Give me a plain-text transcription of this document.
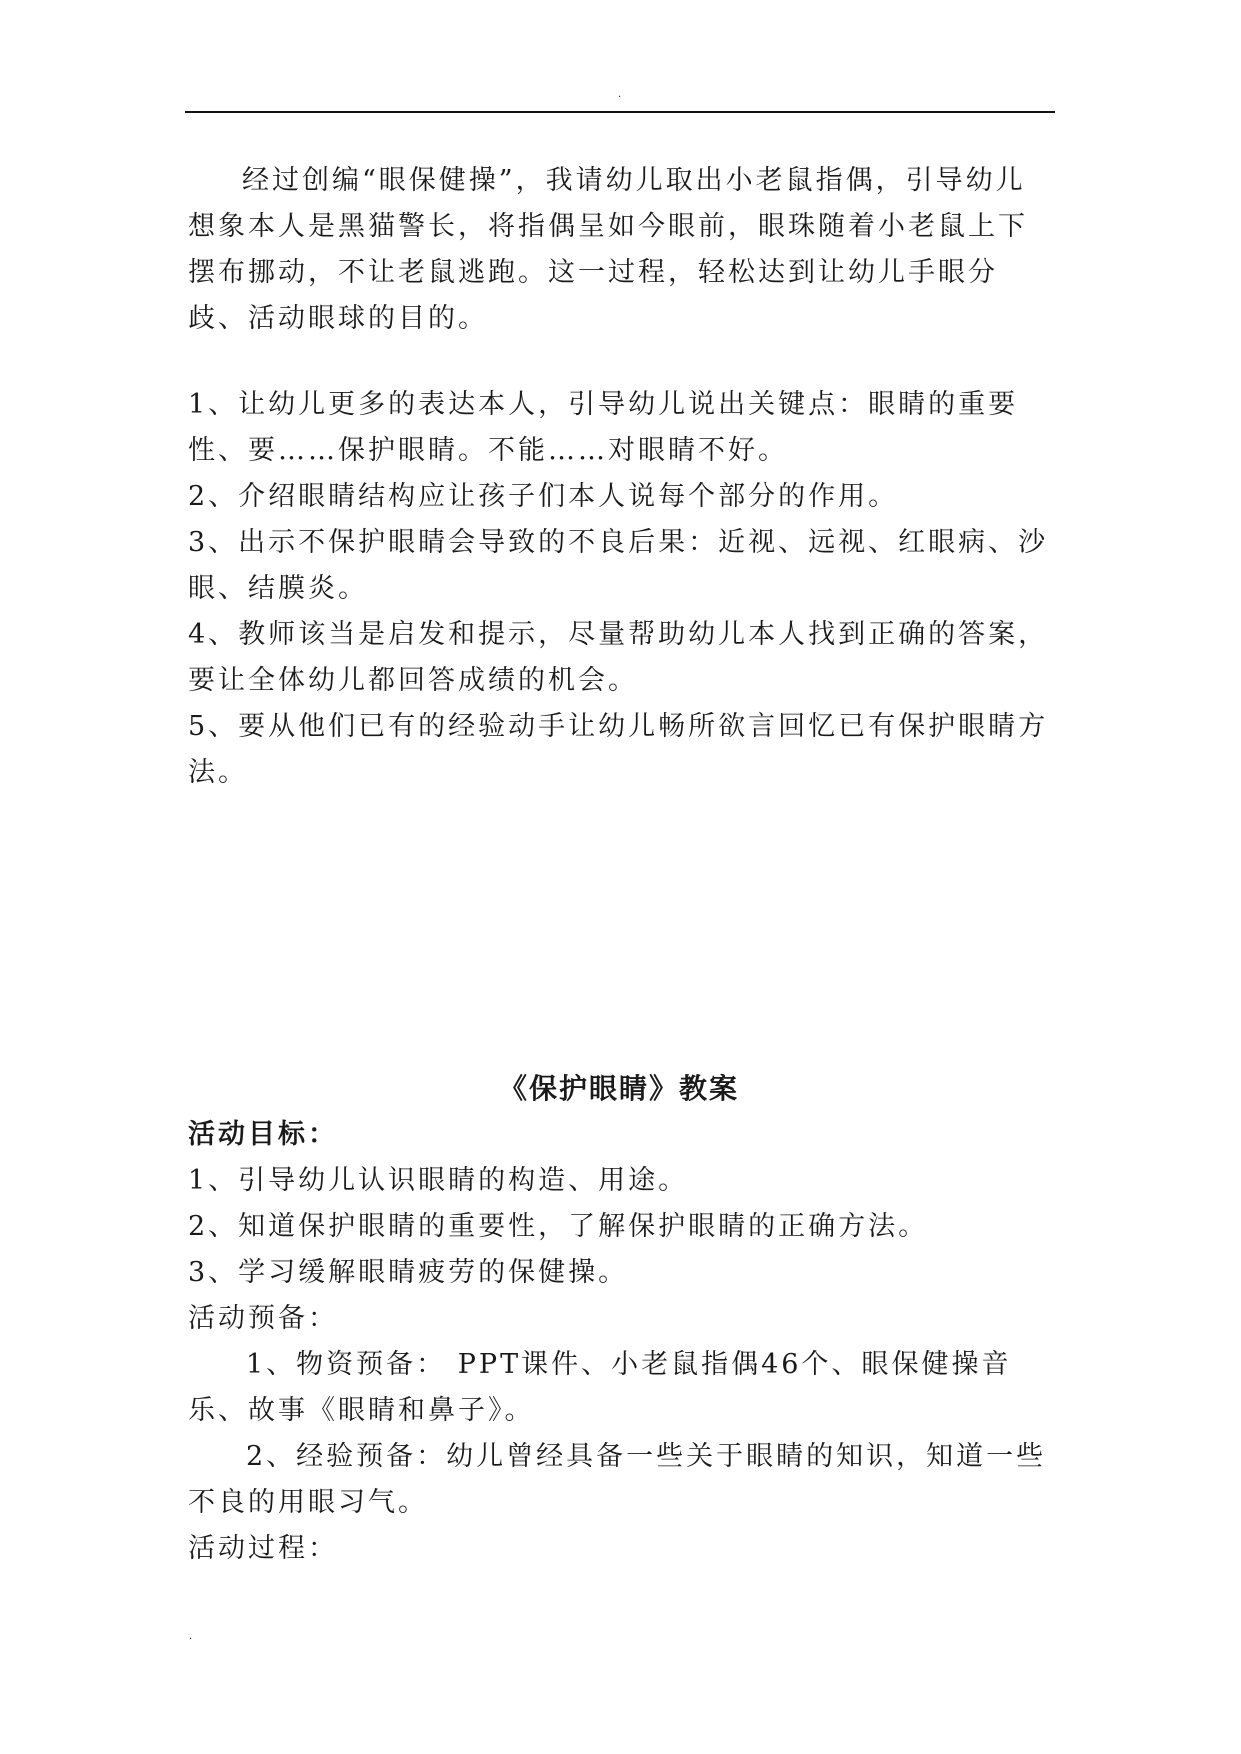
.

经过创编“眼保健操”，我请幼儿取出小老鼠指偶，引导幼儿想象本人是黑猫警长，将指偶呈如今眼前，眼珠随着小老鼠上下摆布挪动，不让老鼠逃跑。这一过程，轻松达到让幼儿手眼分歧、活动眼球的目的。

1、让幼儿更多的表达本人，引导幼儿说出关键点：眼睛的重要性、要……保护眼睛。不能……对眼睛不好。

2、介绍眼睛结构应让孩子们本人说每个部分的作用。

3、出示不保护眼睛会导致的不良后果：近视、远视、红眼病、沙眼、结膜炎。

4、教师该当是启发和提示，尽量帮助幼儿本人找到正确的答案，要让全体幼儿都回答成绩的机会。

5、要从他们已有的经验动手让幼儿畅所欲言回忆已有保护眼睛方法。

《保护眼睛》教案

活动目标：

1、引导幼儿认识眼睛的构造、用途。

2、知道保护眼睛的重要性，了解保护眼睛的正确方法。

3、学习缓解眼睛疲劳的保健操。

活动预备：

1、物资预备： PPT课件、小老鼠指偶46个、眼保健操音乐、故事《眼睛和鼻子》。

2、经验预备：幼儿曾经具备一些关于眼睛的知识，知道一些不良的用眼习气。

活动过程：

.
